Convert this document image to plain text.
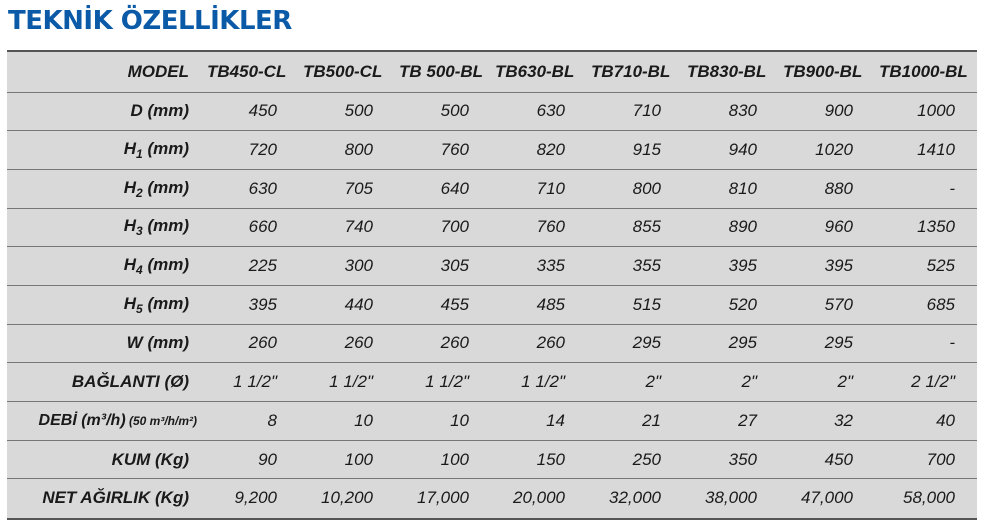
TEKNİK ÖZELLİKLER
MODEL	TB450-CL	TB500-CL	TB 500-BL	TB630-BL	TB710-BL	TB830-BL	TB900-BL	TB1000-BL
D (mm)	450	500	500	630	710	830	900	1000
$H_1$ (mm)	720	800	760	820	915	940	1020	1410
$H_2$ (mm)	630	705	640	710	800	810	880	-
$H_3$ (mm)	660	740	700	760	855	890	960	1350
$H_4$ (mm)	225	300	305	335	355	395	395	525
$H_5$ (mm)	395	440	455	485	515	520	570	685
W (mm)	260	260	260	260	295	295	295	-
BAĞLANTI (Ø)	1 1/2"	1 1/2"	1 1/2"	1 1/2"	2"	2"	2"	2 1/2"
DEBİ (m³/h) (50 m³/h/m²)	8	10	10	14	21	27	32	40
KUM (Kg)	90	100	100	150	250	350	450	700
NET AĞIRLIK (Kg)	9,200	10,200	17,000	20,000	32,000	38,000	47,000	58,000
